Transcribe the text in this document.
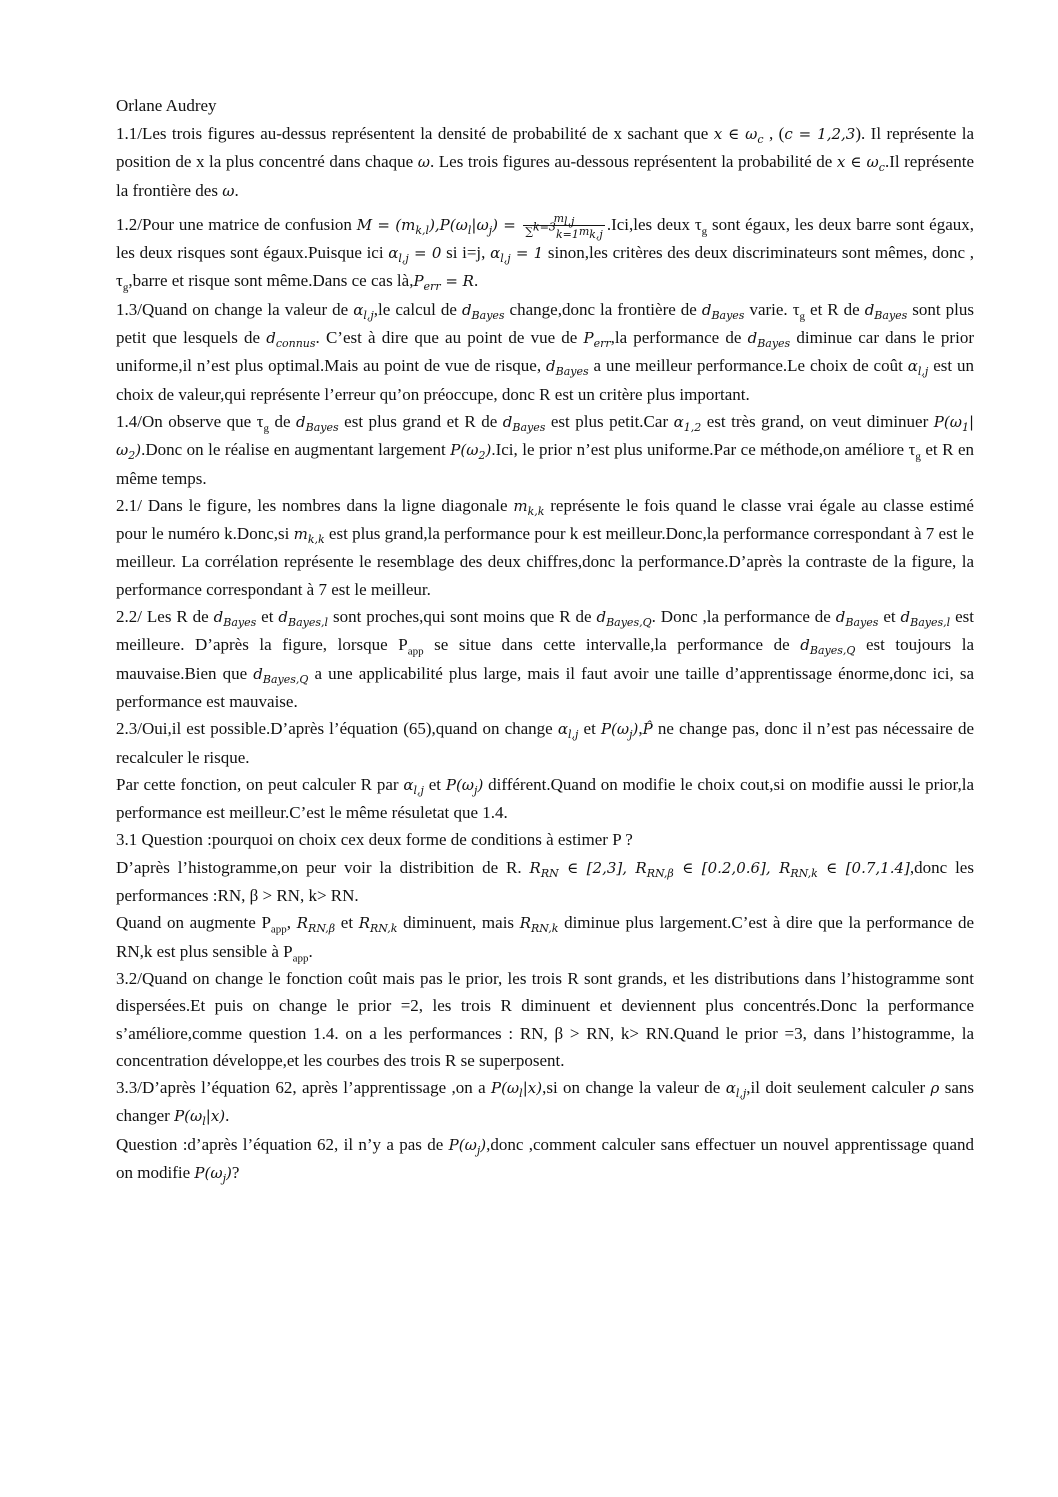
Orlane Audrey

1.1/Les trois figures au-dessus représentent la densité de probabilité de x sachant que x ∈ $\omega_c$ , (c = 1,2,3). Il représente la position de x la plus concentré dans chaque ω. Les trois figures au-dessous représentent la probabilité de x ∈ $\omega_c.Il$ représente la frontière des ω.

1.2/Pour une matrice de confusion $M = (m_{k,l}),P(\omega_l|\omega_j) = \frac{m_{l,j}}{\sum^{k=3}_{k=1}m_{k,j}} .Ici,les$ deux $\tau_g$ sont égaux, les deux barre sont égaux, les deux risques sont égaux.Puisque ici $\alpha_{l,j} = 0$ si i=j, $\alpha_{l,j} = 1$ sinon,les critères des deux discriminateurs sont mêmes, donc , $\tau_g,barre$ et risque sont même.Dans ce cas $là,P_{err} = R$.

1.3/Quand on change la valeur de $\alpha_{l,j},le$ calcul de $d_{Bayes}$ change,donc la frontière de $d_{Bayes}$ varie. $\tau_g$ et R de $d_{Bayes}$ sont plus petit que lesquels de $d_{connus}$. C’est à dire que au point de vue de $P_{err},la$ performance de $d_{Bayes}$ diminue car dans le prior uniforme,il n’est plus optimal.Mais au point de vue de risque, $d_{Bayes}$ a une meilleur performance.Le choix de coût $\alpha_{l,j}$ est un choix de valeur,qui représente l’erreur qu’on préoccupe, donc R est un critère plus important.

1.4/On observe que $\tau_g$ de $d_{Bayes}$ est plus grand et R de $d_{Bayes}$ est plus petit.Car $\alpha_{1,2}$ est très grand, on veut diminuer $P(\omega_1|\omega_2).Donc$ on le réalise en augmentant largement $P(\omega_2).Ici$, le prior n’est plus uniforme.Par ce méthode,on améliore $\tau_g$ et R en même temps.

2.1/ Dans le figure, les nombres dans la ligne diagonale $m_{k,k}$ représente le fois quand le classe vrai égale au classe estimé pour le numéro k.Donc,si $m_{k,k}$ est plus grand,la performance pour k est meilleur.Donc,la performance correspondant à 7 est le meilleur. La corrélation représente le resemblage des deux chiffres,donc la performance.D’après la contraste de la figure, la performance correspondant à 7 est le meilleur.

2.2/ Les R de $d_{Bayes}$ et $d_{Bayes,l}$ sont proches,qui sont moins que R de $d_{Bayes,Q}$. Donc ,la performance de $d_{Bayes}$ et $d_{Bayes,l}$ est meilleure. D’après la figure, lorsque $P_{app}$ se situe dans cette intervalle,la performance de $d_{Bayes,Q}$ est toujours la mauvaise.Bien que $d_{Bayes,Q}$ a une applicabilité plus large, mais il faut avoir une taille d’apprentissage énorme,donc ici, sa performance est mauvaise.

2.3/Oui,il est possible.D’après l’équation (65),quand on change $\alpha_{l,j}$ et $P(\omega_j),P̂$ ne change pas, donc il n’est pas nécessaire de recalculer le risque.

Par cette fonction, on peut calculer R par $\alpha_{l,j}$ et $P(\omega_j)$ différent.Quand on modifie le choix cout,si on modifie aussi le prior,la performance est meilleur.C’est le même résuletat que 1.4.

3.1 Question :pourquoi on choix cex deux forme de conditions à estimer P ?

D’après l’histogramme,on peur voir la distribition de R. $R_{RN}$ ∈ [2,3], $R_{RN,\beta}$ ∈ [0.2,0.6], $R_{RN,k}$ ∈ [0.7,1.4],donc les performances :RN, β > RN, k> RN.

Quand on augmente $P_{app}$, $R_{RN,\beta}$ et $R_{RN,k}$ diminuent, mais $R_{RN,k}$ diminue plus largement.C’est à dire que la performance de RN,k est plus sensible à $P_{app}$.

3.2/Quand on change le fonction coût mais pas le prior, les trois R sont grands, et les distributions dans l’histogramme sont dispersées.Et puis on change le prior =2, les trois R diminuent et deviennent plus concentrés.Donc la performance s’améliore,comme question 1.4. on a les performances : RN, β > RN, k> RN.Quand le prior =3, dans l’histogramme, la concentration développe,et les courbes des trois R se superposent.

3.3/D’après l’équation 62, après l’apprentissage ,on a $P(\omega_l|x),si$ on change la valeur de $\alpha_{l,j},il$ doit seulement calculer ρ sans changer $P(\omega_l|x)$.

Question :d’après l’équation 62, il n’y a pas de $P(\omega_j),donc$ ,comment calculer sans effectuer un nouvel apprentissage quand on modifie $P(\omega_j)$?
